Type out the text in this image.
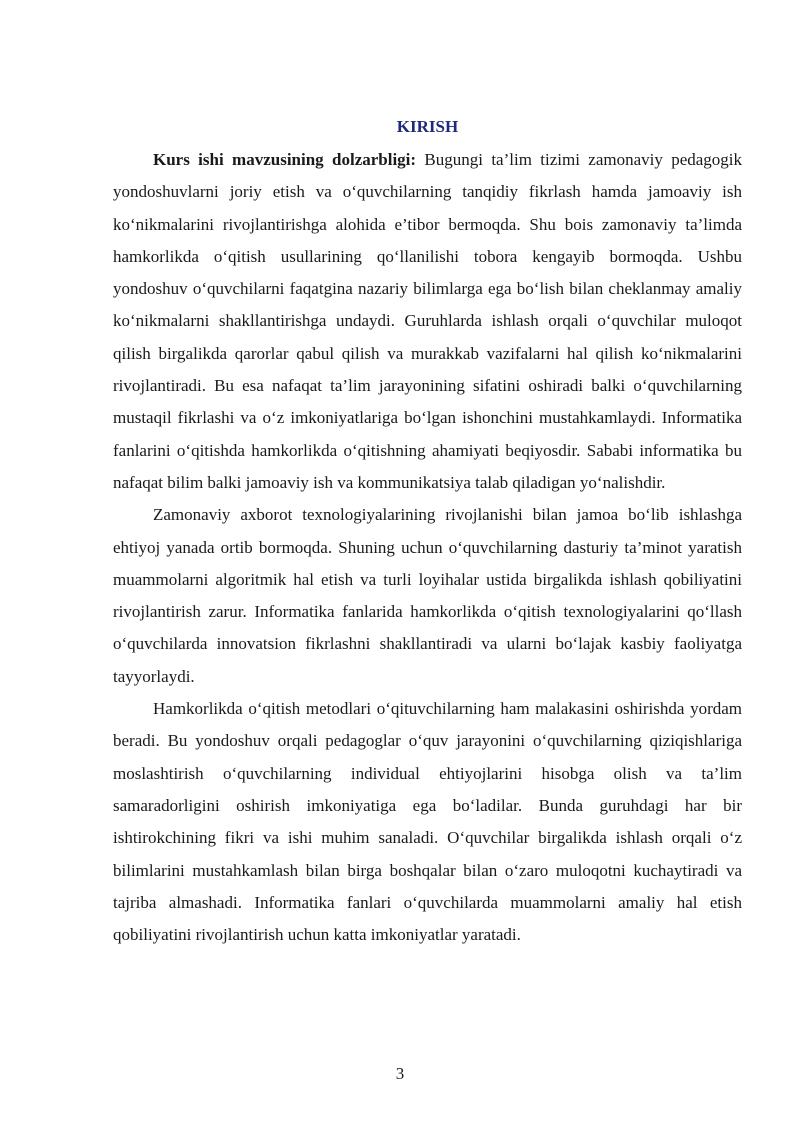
KIRISH

Kurs ishi mavzusining dolzarbligi: Bugungi ta’lim tizimi zamonaviy pedagogik yondoshuvlarni joriy etish va o‘quvchilarning tanqidiy fikrlash hamda jamoaviy ish ko‘nikmalarini rivojlantirishga alohida e’tibor bermoqda. Shu bois zamonaviy ta’limda hamkorlikda o‘qitish usullarining qo‘llanilishi tobora kengayib bormoqda. Ushbu yondoshuv o‘quvchilarni faqatgina nazariy bilimlarga ega bo‘lish bilan cheklanmay amaliy ko‘nikmalarni shakllantirishga undaydi. Guruhlarda ishlash orqali o‘quvchilar muloqot qilish birgalikda qarorlar qabul qilish va murakkab vazifalarni hal qilish ko‘nikmalarini rivojlantiradi. Bu esa nafaqat ta’lim jarayonining sifatini oshiradi balki o‘quvchilarning mustaqil fikrlashi va o‘z imkoniyatlariga bo‘lgan ishonchini mustahkamlaydi. Informatika fanlarini o‘qitishda hamkorlikda o‘qitishning ahamiyati beqiyosdir. Sababi informatika bu nafaqat bilim balki jamoaviy ish va kommunikatsiya talab qiladigan yo‘nalishdir.

Zamonaviy axborot texnologiyalarining rivojlanishi bilan jamoa bo‘lib ishlashga ehtiyoj yanada ortib bormoqda. Shuning uchun o‘quvchilarning dasturiy ta’minot yaratish muammolarni algoritmik hal etish va turli loyihalar ustida birgalikda ishlash qobiliyatini rivojlantirish zarur. Informatika fanlarida hamkorlikda o‘qitish texnologiyalarini qo‘llash o‘quvchilarda innovatsion fikrlashni shakllantiradi va ularni bo‘lajak kasbiy faoliyatga tayyorlaydi.

Hamkorlikda o‘qitish metodlari o‘qituvchilarning ham malakasini oshirishda yordam beradi. Bu yondoshuv orqali pedagoglar o‘quv jarayonini o‘quvchilarning qiziqishlariga moslashtirish o‘quvchilarning individual ehtiyojlarini hisobga olish va ta’lim samaradorligini oshirish imkoniyatiga ega bo‘ladilar. Bunda guruhdagi har bir ishtirokchining fikri va ishi muhim sanaladi. O‘quvchilar birgalikda ishlash orqali o‘z bilimlarini mustahkamlash bilan birga boshqalar bilan o‘zaro muloqotni kuchaytiradi va tajriba almashadi. Informatika fanlari o‘quvchilarda muammolarni amaliy hal etish qobiliyatini rivojlantirish uchun katta imkoniyatlar yaratadi.

3
